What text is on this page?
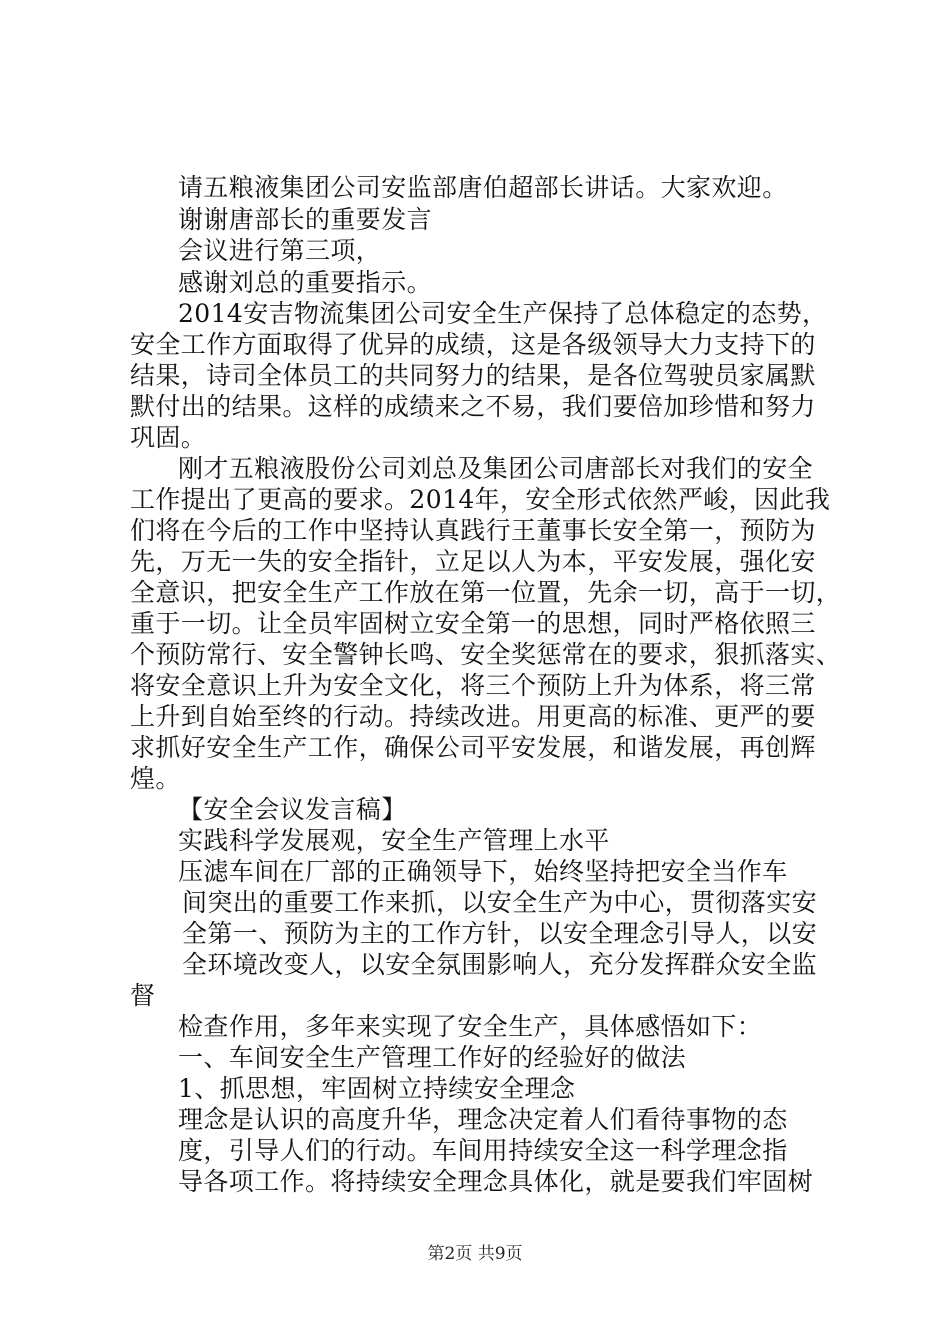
请五粮液集团公司安监部唐伯超部长讲话。大家欢迎。
谢谢唐部长的重要发言
会议进行第三项，
感谢刘总的重要指示。
2014安吉物流集团公司安全生产保持了总体稳定的态势，
安全工作方面取得了优异的成绩，这是各级领导大力支持下的
结果，诗司全体员工的共同努力的结果，是各位驾驶员家属默
默付出的结果。这样的成绩来之不易，我们要倍加珍惜和努力
巩固。
刚才五粮液股份公司刘总及集团公司唐部长对我们的安全
工作提出了更高的要求。2014年，安全形式依然严峻，因此我
们将在今后的工作中坚持认真践行王董事长安全第一，预防为
先，万无一失的安全指针，立足以人为本，平安发展，强化安
全意识，把安全生产工作放在第一位置，先余一切，高于一切，
重于一切。让全员牢固树立安全第一的思想，同时严格依照三
个预防常行、安全警钟长鸣、安全奖惩常在的要求，狠抓落实、
将安全意识上升为安全文化，将三个预防上升为体系，将三常
上升到自始至终的行动。持续改进。用更高的标准、更严的要
求抓好安全生产工作，确保公司平安发展，和谐发展，再创辉
煌。
【安全会议发言稿】
实践科学发展观，安全生产管理上水平
压滤车间在厂部的正确领导下，始终坚持把安全当作车
间突出的重要工作来抓，以安全生产为中心，贯彻落实安
全第一、预防为主的工作方针，以安全理念引导人，以安
全环境改变人，以安全氛围影响人，充分发挥群众安全监
督
检查作用，多年来实现了安全生产，具体感悟如下：
一、车间安全生产管理工作好的经验好的做法
1、抓思想，牢固树立持续安全理念
理念是认识的高度升华，理念决定着人们看待事物的态
度，引导人们的行动。车间用持续安全这一科学理念指
导各项工作。将持续安全理念具体化，就是要我们牢固树
第2页 共9页
